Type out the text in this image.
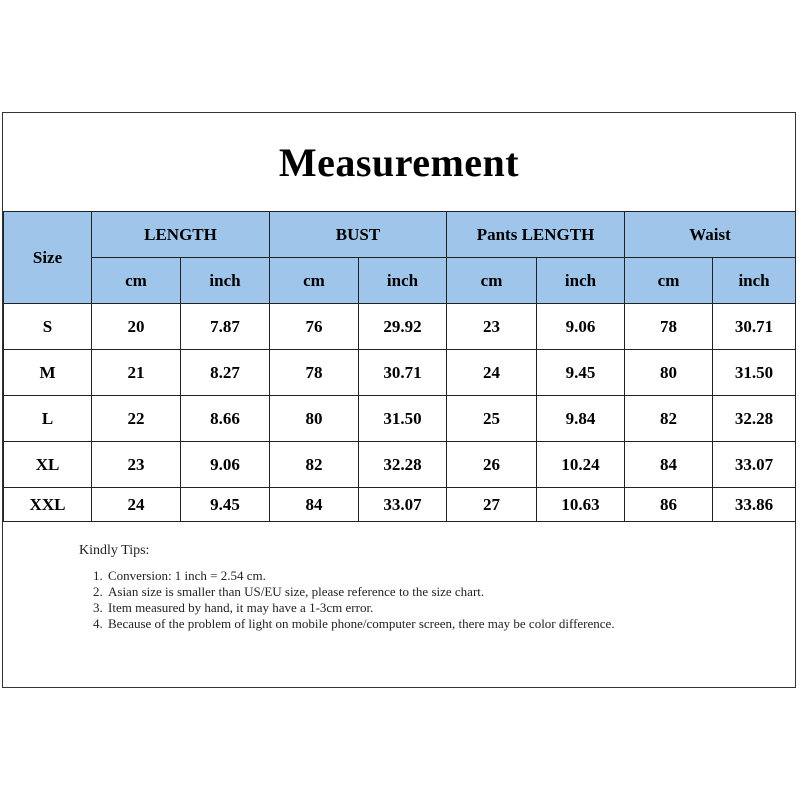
Measurement
Size	LENGTH		BUST		Pants LENGTH		Waist	
	cm	inch	cm	inch	cm	inch	cm	inch
S	20	7.87	76	29.92	23	9.06	78	30.71
M	21	8.27	78	30.71	24	9.45	80	31.50
L	22	8.66	80	31.50	25	9.84	82	32.28
XL	23	9.06	82	32.28	26	10.24	84	33.07
XXL	24	9.45	84	33.07	27	10.63	86	33.86
Kindly Tips:
1. Conversion: 1 inch = 2.54 cm.
2. Asian size is smaller than US/EU size, please reference to the size chart.
3. Item measured by hand, it may have a 1-3cm error.
4. Because of the problem of light on mobile phone/computer screen, there may be color difference.
